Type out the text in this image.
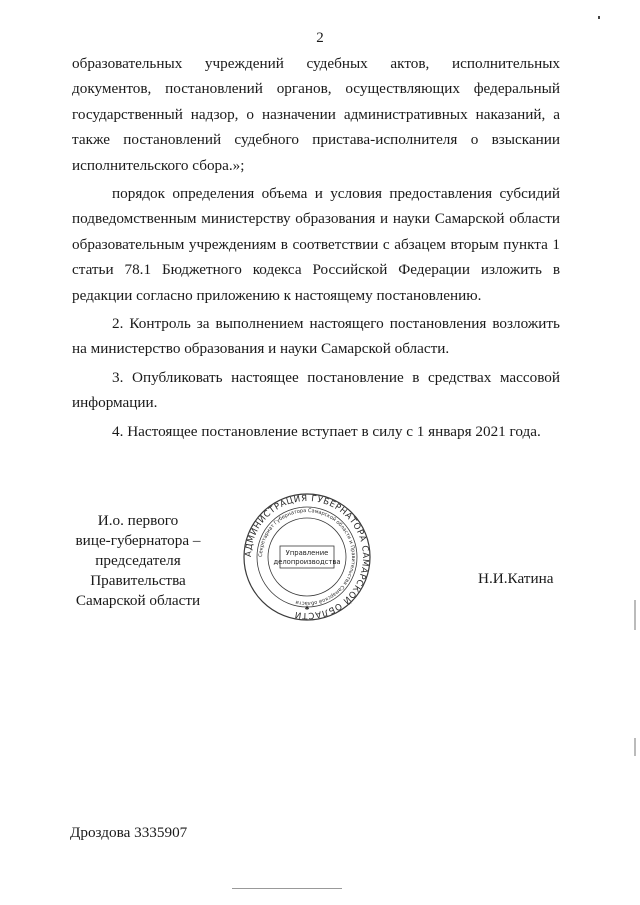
2

образовательных учреждений судебных актов, исполнительных документов, постановлений органов, осуществляющих федеральный государственный надзор, о назначении административных наказаний, а также постановлений судебного пристава-исполнителя о взыскании исполнительского сбора.»;

порядок определения объема и условия предоставления субсидий подведомственным министерству образования и науки Самарской области образовательным учреждениям в соответствии с абзацем вторым пункта 1 статьи 78.1 Бюджетного кодекса Российской Федерации изложить в редакции согласно приложению к настоящему постановлению.

2. Контроль за выполнением настоящего постановления возложить на министерство образования и науки Самарской области.

3. Опубликовать настоящее постановление в средствах массовой информации.

4. Настоящее постановление вступает в силу с 1 января 2021 года.

И.о. первого
вице-губернатора –
председателя Правительства
Самарской области
АДМИНИСТРАЦИЯ ГУБЕРНАТОРА САМАРСКОЙ ОБЛАСТИ
Секретариат Губернатора Самарской области и Правительства Самарской области
Управление
делопроизводства
✱
Н.И.Катина
Дроздова 3335907
